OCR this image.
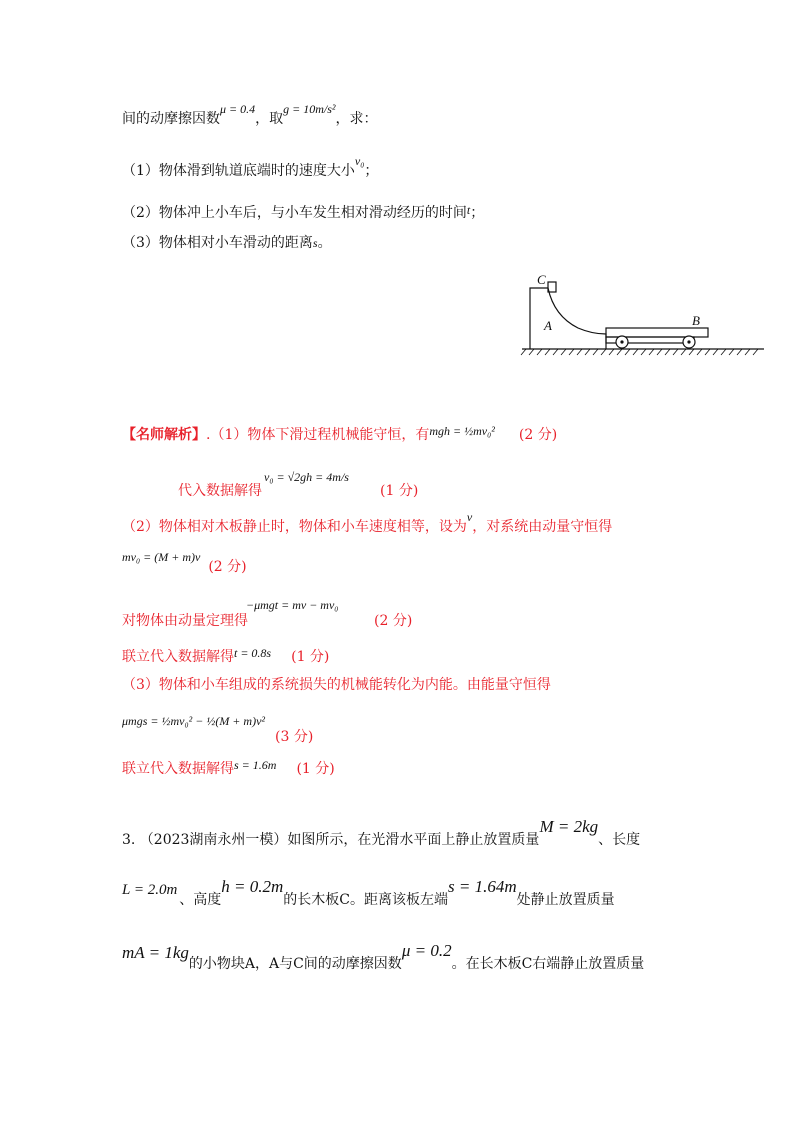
间的动摩擦因数μ = 0.4，取g = 10m/s²，求：
（1）物体滑到轨道底端时的速度大小v₀；
（2）物体冲上小车后，与小车发生相对滑动经历的时间t；
（3）物体相对小车滑动的距离s。
C
A	B
【名师解析】.（1）物体下滑过程机械能守恒，有mgh = ½mv₀² (2 分)
v₀ = √2gh = 4m/s
代入数据解得	(1 分)
（2）物体相对木板静止时，物体和小车速度相等，设为v，对系统由动量守恒得
mv₀ = (M + m)v(2 分)
−μmgt = mv − mv₀
对物体由动量定理得	(2 分)
联立代入数据解得t = 0.8s (1 分)
（3）物体和小车组成的系统损失的机械能转化为内能。由能量守恒得
μmgs = ½mv₀² − ½(M + m)v²(3 分)
联立代入数据解得s = 1.6m (1 分)
3. （2023湖南永州一模）如图所示，在光滑水平面上静止放置质量M = 2kg、长度
L = 2.0m、高度h = 0.2m的长木板C。距离该板左端s = 1.64m处静止放置质量
mA = 1kg的小物块A，A与C间的动摩擦因数μ = 0.2。在长木板C右端静止放置质量
